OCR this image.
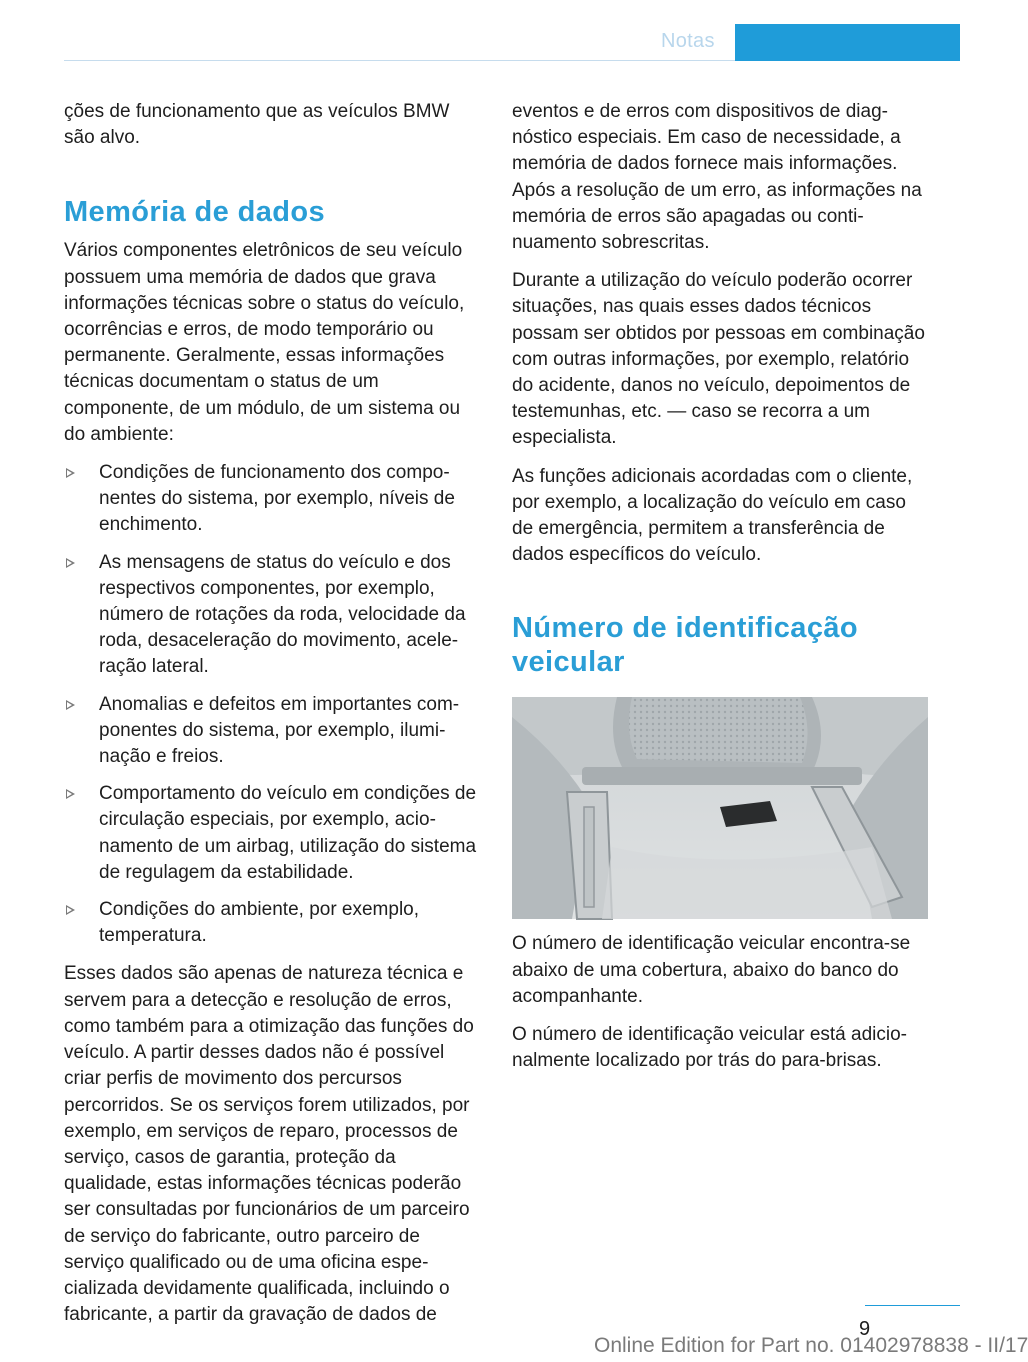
Notas

ções de funcionamento que as veículos BMW são alvo.

Memória de dados

Vários componentes eletrônicos de seu veículo possuem uma memória de dados que grava informações técnicas sobre o status do veículo, ocorrências e erros, de modo temporário ou permanente. Geralmente, essas informações técnicas documentam o status de um componente, de um módulo, de um sistema ou do ambiente:

Condições de funcionamento dos componentes do sistema, por exemplo, níveis de enchimento.
As mensagens de status do veículo e dos respectivos componentes, por exemplo, número de rotações da roda, velocidade da roda, desaceleração do movimento, aceleração lateral.
Anomalias e defeitos em importantes componentes do sistema, por exemplo, iluminação e freios.
Comportamento do veículo em condições de circulação especiais, por exemplo, acionamento de um airbag, utilização do sistema de regulagem da estabilidade.
Condições do ambiente, por exemplo, temperatura.

Esses dados são apenas de natureza técnica e servem para a detecção e resolução de erros, como também para a otimização das funções do veículo. A partir desses dados não é possível criar perfis de movimento dos percursos percorridos. Se os serviços forem utilizados, por exemplo, em serviços de reparo, processos de serviço, casos de garantia, proteção da qualidade, estas informações técnicas poderão ser consultadas por funcionários de um parceiro de serviço do fabricante, outro parceiro de serviço qualificado ou de uma oficina especializada devidamente qualificada, incluindo o fabricante, a partir da gravação de dados de

eventos e de erros com dispositivos de diagnóstico especiais. Em caso de necessidade, a memória de dados fornece mais informações. Após a resolução de um erro, as informações na memória de erros são apagadas ou continuamento sobrescritas.

Durante a utilização do veículo poderão ocorrer situações, nas quais esses dados técnicos possam ser obtidos por pessoas em combinação com outras informações, por exemplo, relatório do acidente, danos no veículo, depoimentos de testemunhas, etc. — caso se recorra a um especialista.

As funções adicionais acordadas com o cliente, por exemplo, a localização do veículo em caso de emergência, permitem a transferência de dados específicos do veículo.

Número de identificação veicular

O número de identificação veicular encontra-se abaixo de uma cobertura, abaixo do banco do acompanhante.

O número de identificação veicular está adicionalmente localizado por trás do para-brisas.

9
Online Edition for Part no. 01402978838 - II/17
